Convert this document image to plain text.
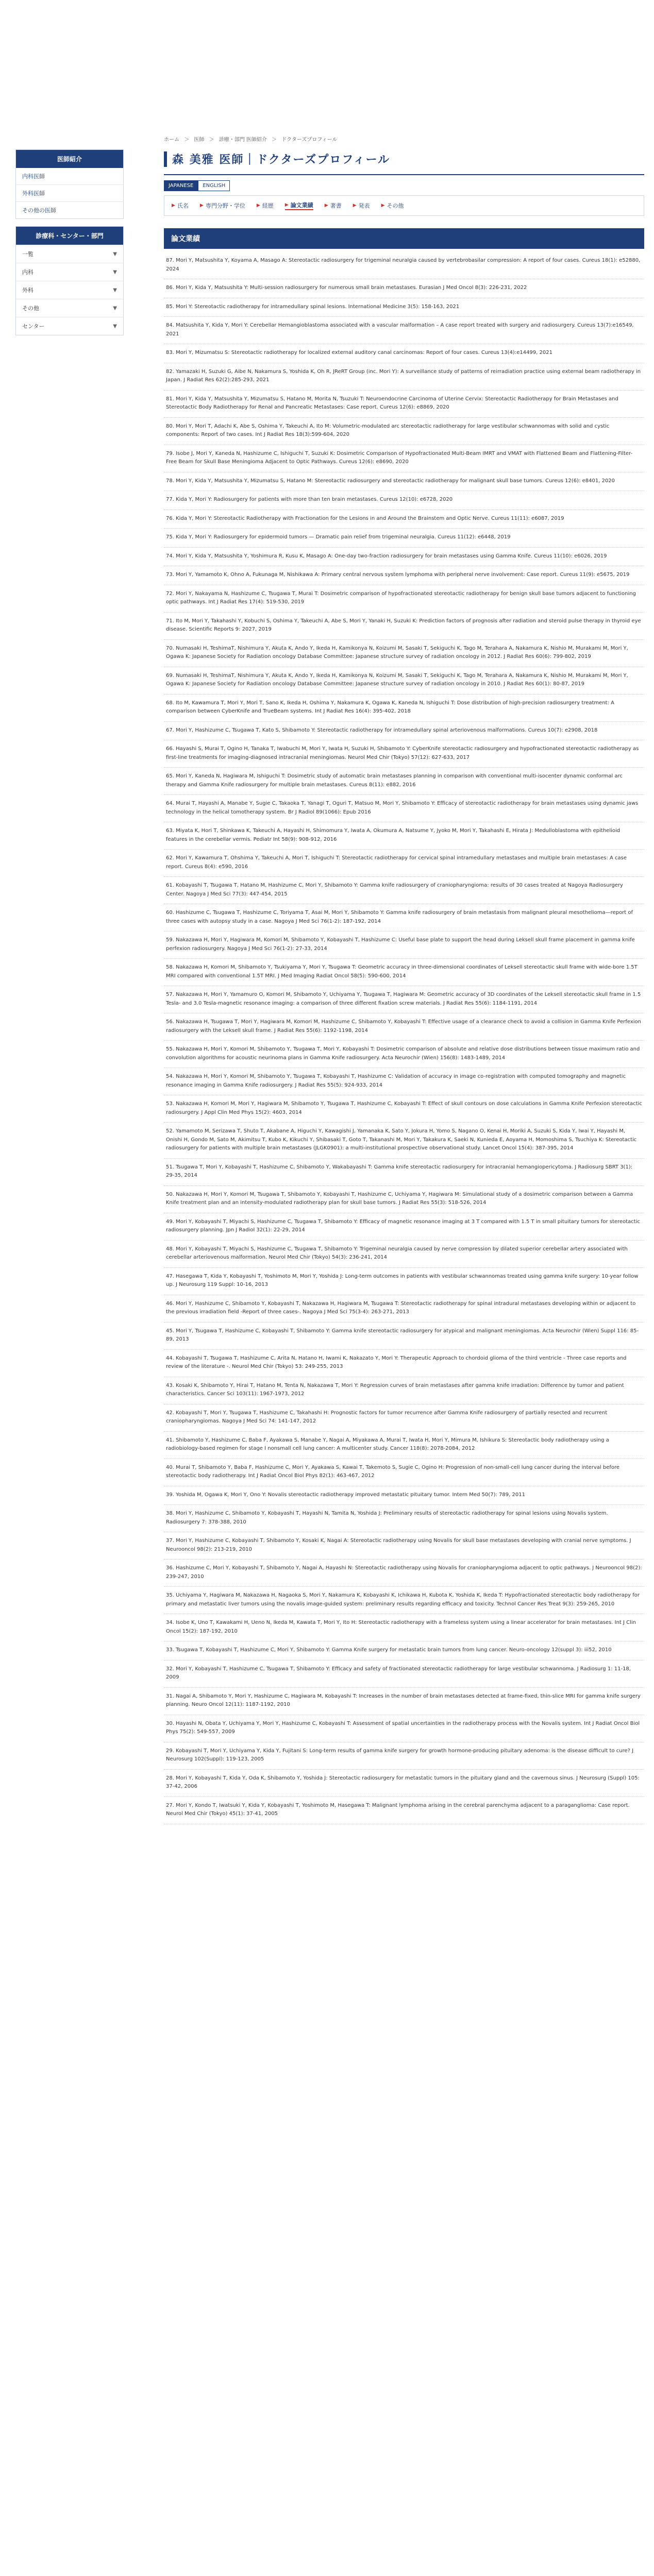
医師紹介
内科医師
外科医師
その他の医師
診療科・センター・部門
一覧	▼
内科	▼
外科	▼
その他	▼
センター	▼
ホーム ＞ 医師 ＞ 診療・部門 医師紹介 ＞ ドクターズプロフィール
森 美雅 医師｜ドクターズプロフィール
JAPANESE	ENGLISH
▶ 氏名 ▶ 専門分野・学位 ▶ 経歴 ▶ 論文業績 ▶ 著書 ▶ 発表 ▶ その他
論文業績
87. Mori Y, Matsushita Y, Koyama A, Masago A: Stereotactic radiosurgery for trigeminal neuralgia caused by vertebrobasilar compression: A report of four cases. Cureus 18(1): e52880, 2024
86. Mori Y, Kida Y, Matsushita Y: Multi-session radiosurgery for numerous small brain metastases. Eurasian J Med Oncol 8(3): 226-231, 2022
85. Mori Y: Stereotactic radiotherapy for intramedullary spinal lesions. International Medicine 3(5): 158-163, 2021
84. Matsushita Y, Kida Y, Mori Y: Cerebellar Hemangioblastoma associated with a vascular malformation – A case report treated with surgery and radiosurgery. Cureus 13(7):e16549, 2021
83. Mori Y, Mizumatsu S: Stereotactic radiotherapy for localized external auditory canal carcinomas: Report of four cases. Cureus 13(4):e14499, 2021
82. Yamazaki H, Suzuki G, Aibe N, Nakamura S, Yoshida K, Oh R, JReRT Group (inc. Mori Y): A surveillance study of patterns of reirradiation practice using external beam radiotherapy in Japan. J Radiat Res 62(2):285-293, 2021
81. Mori Y, Kida Y, Matsushita Y, Mizumatsu S, Hatano M, Morita N, Tsuzuki T: Neuroendocrine Carcinoma of Uterine Cervix: Stereotactic Radiotherapy for Brain Metastases and Stereotactic Body Radiotherapy for Renal and Pancreatic Metastases: Case report. Cureus 12(6): e8869, 2020
80. Mori Y, Mori T, Adachi K, Abe S, Oshima Y, Takeuchi A, Ito M: Volumetric-modulated arc stereotactic radiotherapy for large vestibular schwannomas with solid and cystic components: Report of two cases. Int J Radiat Res 18(3):599-604, 2020
79. Isobe J, Mori Y, Kaneda N, Hashizume C, Ishiguchi T, Suzuki K: Dosimetric Comparison of Hypofractionated Multi-Beam IMRT and VMAT with Flattened Beam and Flattening-Filter-Free Beam for Skull Base Meningioma Adjacent to Optic Pathways. Cureus 12(6): e8690, 2020
78. Mori Y, Kida Y, Matsushita Y, Mizumatsu S, Hatano M: Stereotactic radiosurgery and stereotactic radiotherapy for malignant skull base tumors. Cureus 12(6): e8401, 2020
77. Kida Y, Mori Y: Radiosurgery for patients with more than ten brain metastases. Cureus 12(10): e6728, 2020
76. Kida Y, Mori Y: Stereotactic Radiotherapy with Fractionation for the Lesions in and Around the Brainstem and Optic Nerve. Cureus 11(11): e6087, 2019
75. Kida Y, Mori Y: Radiosurgery for epidermoid tumors — Dramatic pain relief from trigeminal neuralgia. Cureus 11(12): e6448, 2019
74. Mori Y, Kida Y, Matsushita Y, Yoshimura R, Kusu K, Masago A: One-day two-fraction radiosurgery for brain metastases using Gamma Knife. Cureus 11(10): e6026, 2019
73. Mori Y, Yamamoto K, Ohno A, Fukunaga M, Nishikawa A: Primary central nervous system lymphoma with peripheral nerve involvement: Case report. Cureus 11(9): e5675, 2019
72. Mori Y, Nakayama N, Hashizume C, Tsugawa T, Murai T: Dosimetric comparison of hypofractionated stereotactic radiotherapy for benign skull base tumors adjacent to functioning optic pathways. Int J Radiat Res 17(4): 519-530, 2019
71. Ito M, Mori Y, Takahashi Y, Kobuchi S, Oshima Y, Takeuchi A, Abe S, Mori Y, Yanaki H, Suzuki K: Prediction factors of prognosis after radiation and steroid pulse therapy in thyroid eye disease. Scientific Reports 9: 2027, 2019
70. Numasaki H, TeshimaT, Nishimura Y, Akuta K, Ando Y, Ikeda H, Kamikonya N, Koizumi M, Sasaki T, Sekiguchi K, Tago M, Terahara A, Nakamura K, Nishio M, Murakami M, Mori Y, Ogawa K: Japanese Society for Radiation oncology Database Committee: Japanese structure survey of radiation oncology in 2012. J Radiat Res 60(6): 799-802, 2019
69. Numasaki H, TeshimaT, Nishimura Y, Akuta K, Ando Y, Ikeda H, Kamikonya N, Koizumi M, Sasaki T, Sekiguchi K, Tago M, Terahara A, Nakamura K, Nishio M, Murakami M, Mori Y, Ogawa K: Japanese Society for Radiation oncology Database Committee: Japanese structure survey of radiation oncology in 2010. J Radiat Res 60(1): 80-87, 2019
68. Ito M, Kawamura T, Mori Y, Mori T, Sano K, Ikeda H, Oshima Y, Nakamura K, Ogawa K, Kaneda N, Ishiguchi T: Dose distribution of high-precision radiosurgery treatment: A comparison between CyberKnife and TrueBeam systems. Int J Radiat Res 16(4): 395-402, 2018
67. Mori Y, Hashizume C, Tsugawa T, Kato S, Shibamoto Y: Stereotactic radiotherapy for intramedullary spinal arteriovenous malformations. Cureus 10(7): e2908, 2018
66. Hayashi S, Murai T, Ogino H, Tanaka T, Iwabuchi M, Mori Y, Iwata H, Suzuki H, Shibamoto Y: CyberKnife stereotactic radiosurgery and hypofractionated stereotactic radiotherapy as first-line treatments for imaging-diagnosed intracranial meningiomas. Neurol Med Chir (Tokyo) 57(12): 627-633, 2017
65. Mori Y, Kaneda N, Hagiwara M, Ishiguchi T: Dosimetric study of automatic brain metastases planning in comparison with conventional multi-isocenter dynamic conformal arc therapy and Gamma Knife radiosurgery for multiple brain metastases. Cureus 8(11): e882, 2016
64. Murai T, Hayashi A, Manabe Y, Sugie C, Takaoka T, Yanagi T, Oguri T, Matsuo M, Mori Y, Shibamoto Y: Efficacy of stereotactic radiotherapy for brain metastases using dynamic jaws technology in the helical tomotherapy system. Br J Radiol 89(1066): Epub 2016
63. Miyata K, Hori T, Shinkawa K, Takeuchi A, Hayashi H, Shimomura Y, Iwata A, Okumura A, Natsume Y, Jyoko M, Mori Y, Takahashi E, Hirata J: Medulloblastoma with epithelioid features in the cerebellar vermis. Pediatr Int 58(9): 908-912, 2016
62. Mori Y, Kawamura T, Ohshima Y, Takeuchi A, Mori T, Ishiguchi T: Stereotactic radiotherapy for cervical spinal intramedullary metastases and multiple brain metastases: A case report. Cureus 8(4): e590, 2016
61. Kobayashi T, Tsugawa T, Hatano M, Hashizume C, Mori Y, Shibamoto Y: Gamma knife radiosurgery of craniopharyngioma: results of 30 cases treated at Nagoya Radiosurgery Center. Nagoya J Med Sci 77(3): 447-454, 2015
60. Hashizume C, Tsugawa T, Hashizume C, Toriyama T, Asai M, Mori Y, Shibamoto Y: Gamma knife radiosurgery of brain metastasis from malignant pleural mesothelioma—report of three cases with autopsy study in a case. Nagoya J Med Sci 76(1-2): 187-192, 2014
59. Nakazawa H, Mori Y, Hagiwara M, Komori M, Shibamoto Y, Kobayashi T, Hashizume C: Useful base plate to support the head during Leksell skull frame placement in gamma knife perfexion radiosurgery. Nagoya J Med Sci 76(1-2): 27-33, 2014
58. Nakazawa H, Komori M, Shibamoto Y, Tsukiyama Y, Mori Y, Tsugawa T: Geometric accuracy in three-dimensional coordinates of Leksell stereotactic skull frame with wide-bore 1.5T MRI compared with conventional 1.5T MRI. J Med Imaging Radiat Oncol 58(5): 590-600, 2014
57. Nakazawa H, Mori Y, Yamamuro O, Komori M, Shibamoto Y, Uchiyama Y, Tsugawa T, Hagiwara M: Geometric accuracy of 3D coordinates of the Leksell stereotactic skull frame in 1.5 Tesla- and 3.0 Tesla-magnetic resonance imaging: a comparison of three different fixation screw materials. J Radiat Res 55(6): 1184-1191, 2014
56. Nakazawa H, Tsugawa T, Mori Y, Hagiwara M, Komori M, Hashizume C, Shibamoto Y, Kobayashi T: Effective usage of a clearance check to avoid a collision in Gamma Knife Perfexion radiosurgery with the Leksell skull frame. J Radiat Res 55(6): 1192-1198, 2014
55. Nakazawa H, Mori Y, Komori M, Shibamoto Y, Tsugawa T, Mori Y, Kobayashi T: Dosimetric comparison of absolute and relative dose distributions between tissue maximum ratio and convolution algorithms for acoustic neurinoma plans in Gamma Knife radiosurgery. Acta Neurochir (Wien) 156(8): 1483-1489, 2014
54. Nakazawa H, Mori Y, Komori M, Shibamoto Y, Tsugawa T, Kobayashi T, Hashizume C: Validation of accuracy in image co-registration with computed tomography and magnetic resonance imaging in Gamma Knife radiosurgery. J Radiat Res 55(5): 924-933, 2014
53. Nakazawa H, Komori M, Mori Y, Hagiwara M, Shibamoto Y, Tsugawa T, Hashizume C, Kobayashi T: Effect of skull contours on dose calculations in Gamma Knife Perfexion stereotactic radiosurgery. J Appl Clin Med Phys 15(2): 4603, 2014
52. Yamamoto M, Serizawa T, Shuto T, Akabane A, Higuchi Y, Kawagishi J, Yamanaka K, Sato Y, Jokura H, Yomo S, Nagano O, Kenai H, Moriki A, Suzuki S, Kida Y, Iwai Y, Hayashi M, Onishi H, Gondo M, Sato M, Akimitsu T, Kubo K, Kikuchi Y, Shibasaki T, Goto T, Takanashi M, Mori Y, Takakura K, Saeki N, Kunieda E, Aoyama H, Momoshima S, Tsuchiya K: Stereotactic radiosurgery for patients with multiple brain metastases (JLGK0901): a multi-institutional prospective observational study. Lancet Oncol 15(4): 387-395, 2014
51. Tsugawa T, Mori Y, Kobayashi T, Hashizume C, Shibamoto Y, Wakabayashi T: Gamma knife stereotactic radiosurgery for intracranial hemangiopericytoma. J Radiosurg SBRT 3(1): 29-35, 2014
50. Nakazawa H, Mori Y, Komori M, Tsugawa T, Shibamoto Y, Kobayashi T, Hashizume C, Uchiyama Y, Hagiwara M: Simulational study of a dosimetric comparison between a Gamma Knife treatment plan and an intensity-modulated radiotherapy plan for skull base tumors. J Radiat Res 55(3): 518-526, 2014
49. Mori Y, Kobayashi T, Miyachi S, Hashizume C, Tsugawa T, Shibamoto Y: Efficacy of magnetic resonance imaging at 3 T compared with 1.5 T in small pituitary tumors for stereotactic radiosurgery planning. Jpn J Radiol 32(1): 22-29, 2014
48. Mori Y, Kobayashi T, Miyachi S, Hashizume C, Tsugawa T, Shibamoto Y: Trigeminal neuralgia caused by nerve compression by dilated superior cerebellar artery associated with cerebellar arteriovenous malformation. Neurol Med Chir (Tokyo) 54(3): 236-241, 2014
47. Hasegawa T, Kida Y, Kobayashi T, Yoshimoto M, Mori Y, Yoshida J: Long-term outcomes in patients with vestibular schwannomas treated using gamma knife surgery: 10-year follow up. J Neurosurg 119 Suppl: 10-16, 2013
46. Mori Y, Hashizume C, Shibamoto Y, Kobayashi T, Nakazawa H, Hagiwara M, Tsugawa T: Stereotactic radiotherapy for spinal intradural metastases developing within or adjacent to the previous irradiation field -Report of three cases-. Nagoya J Med Sci 75(3-4): 263-271, 2013
45. Mori Y, Tsugawa T, Hashizume C, Kobayashi T, Shibamoto Y: Gamma knife stereotactic radiosurgery for atypical and malignant meningiomas. Acta Neurochir (Wien) Suppl 116: 85-89, 2013
44. Kobayashi T, Tsugawa T, Hashizume C, Arita N, Hatano H, Iwami K, Nakazato Y, Mori Y: Therapeutic Approach to chordoid glioma of the third ventricle - Three case reports and review of the literature -. Neurol Med Chir (Tokyo) 53: 249-255, 2013
43. Kosaki K, Shibamoto Y, Hirai T, Hatano M, Tenta N, Nakazawa T, Mori Y: Regression curves of brain metastases after gamma knife irradiation: Difference by tumor and patient characteristics. Cancer Sci 103(11): 1967-1973, 2012
42. Kobayashi T, Mori Y, Tsugawa T, Hashizume C, Takahashi H: Prognostic factors for tumor recurrence after Gamma Knife radiosurgery of partially resected and recurrent craniopharyngiomas. Nagoya J Med Sci 74: 141-147, 2012
41. Shibamoto Y, Hashizume C, Baba F, Ayakawa S, Manabe Y, Nagai A, Miyakawa A, Murai T, Iwata H, Mori Y, Mimura M, Ishikura S: Stereotactic body radiotherapy using a radiobiology-based regimen for stage I nonsmall cell lung cancer: A multicenter study. Cancer 118(8): 2078-2084, 2012
40. Murai T, Shibamoto Y, Baba F, Hashizume C, Mori Y, Ayakawa S, Kawai T, Takemoto S, Sugie C, Ogino H: Progression of non-small-cell lung cancer during the interval before stereotactic body radiotherapy. Int J Radiat Oncol Biol Phys 82(1): 463-467, 2012
39. Yoshida M, Ogawa K, Mori Y, Ono Y: Novalis stereotactic radiotherapy improved metastatic pituitary tumor. Intern Med 50(7): 789, 2011
38. Mori Y, Hashizume C, Shibamoto Y, Kobayashi T, Hayashi N, Tamita N, Yoshida J: Preliminary results of stereotactic radiotherapy for spinal lesions using Novalis system. Radiosurgery 7: 378-388, 2010
37. Mori Y, Hashizume C, Kobayashi T, Shibamoto Y, Kosaki K, Nagai A: Stereotactic radiotherapy using Novalis for skull base metastases developing with cranial nerve symptoms. J Neurooncol 98(2): 213-219, 2010
36. Hashizume C, Mori Y, Kobayashi T, Shibamoto Y, Nagai A, Hayashi N: Stereotactic radiotherapy using Novalis for craniopharyngioma adjacent to optic pathways. J Neurooncol 98(2): 239-247, 2010
35. Uchiyama Y, Hagiwara M, Nakazawa H, Nagaoka S, Mori Y, Nakamura K, Kobayashi K, Ichikawa H, Kubota K, Yoshida K, Ikeda T: Hypofractionated stereotactic body radiotherapy for primary and metastatic liver tumors using the novalis image-guided system: preliminary results regarding efficacy and toxicity. Technol Cancer Res Treat 9(3): 259-265, 2010
34. Isobe K, Uno T, Kawakami H, Ueno N, Ikeda M, Kawata T, Mori Y, Ito H: Stereotactic radiotherapy with a frameless system using a linear accelerator for brain metastases. Int J Clin Oncol 15(2): 187-192, 2010
33. Tsugawa T, Kobayashi T, Hashizume C, Mori Y, Shibamoto Y: Gamma Knife surgery for metastatic brain tumors from lung cancer. Neuro-oncology 12(suppl 3): iii52, 2010
32. Mori Y, Kobayashi T, Hashizume C, Tsugawa T, Shibamoto Y: Efficacy and safety of fractionated stereotactic radiotherapy for large vestibular schwannoma. J Radiosurg 1: 11-18, 2009
31. Nagai A, Shibamoto Y, Mori Y, Hashizume C, Hagiwara M, Kobayashi T: Increases in the number of brain metastases detected at frame-fixed, thin-slice MRI for gamma knife surgery planning. Neuro Oncol 12(11): 1187-1192, 2010
30. Hayashi N, Obata Y, Uchiyama Y, Mori Y, Hashizume C, Kobayashi T: Assessment of spatial uncertainties in the radiotherapy process with the Novalis system. Int J Radiat Oncol Biol Phys 75(2): 549-557, 2009
29. Kobayashi T, Mori Y, Uchiyama Y, Kida Y, Fujitani S: Long-term results of gamma knife surgery for growth hormone-producing pituitary adenoma: is the disease difficult to cure? J Neurosurg 102(Suppl): 119-123, 2005
28. Mori Y, Kobayashi T, Kida Y, Oda K, Shibamoto Y, Yoshida J: Stereotactic radiosurgery for metastatic tumors in the pituitary gland and the cavernous sinus. J Neurosurg (Suppl) 105: 37-42, 2006
27. Mori Y, Kondo T, Iwatsuki Y, Kida Y, Kobayashi T, Yoshimoto M, Hasegawa T: Malignant lymphoma arising in the cerebral parenchyma adjacent to a paraganglioma: Case report. Neurol Med Chir (Tokyo) 45(1): 37-41, 2005
